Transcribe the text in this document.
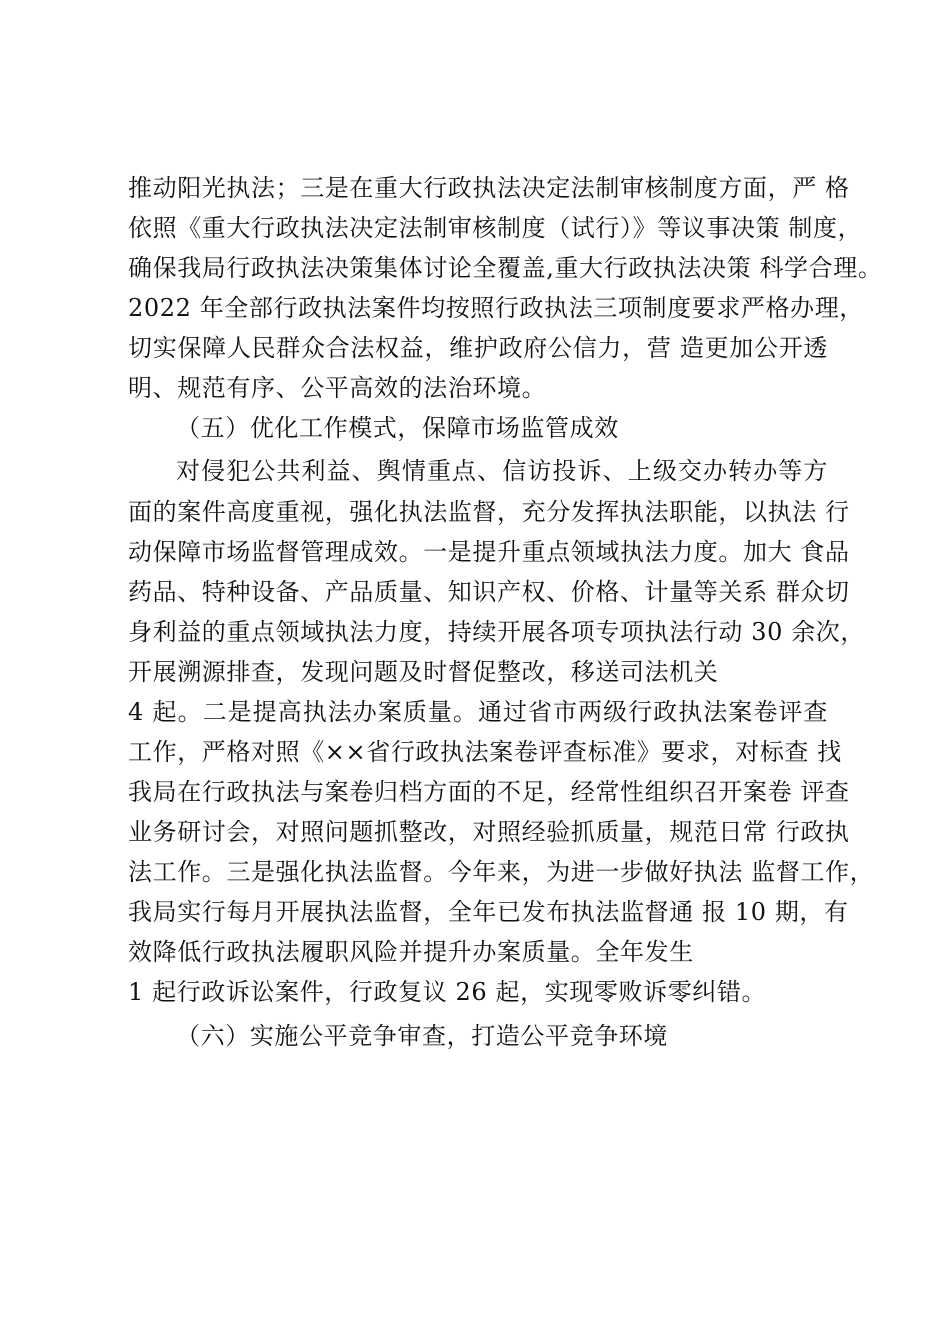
推动阳光执法；三是在重大行政执法决定法制审核制度方面，严 格
依照《重大行政执法决定法制审核制度（试行）》等议事决策 制度，
确保我局行政执法决策集体讨论全覆盖,重大行政执法决策 科学合理。
2022 年全部行政执法案件均按照行政执法三项制度要求严格办理，
切实保障人民群众合法权益，维护政府公信力，营 造更加公开透
明、规范有序、公平高效的法治环境。
（五）优化工作模式，保障市场监管成效
对侵犯公共利益、舆情重点、信访投诉、上级交办转办等方
面的案件高度重视，强化执法监督，充分发挥执法职能，以执法 行
动保障市场监督管理成效。一是提升重点领域执法力度。加大 食品
药品、特种设备、产品质量、知识产权、价格、计量等关系 群众切
身利益的重点领域执法力度，持续开展各项专项执法行动 30 余次，
开展溯源排查，发现问题及时督促整改，移送司法机关
4 起。二是提高执法办案质量。通过省市两级行政执法案卷评查
工作，严格对照《××省行政执法案卷评查标准》要求，对标查 找
我局在行政执法与案卷归档方面的不足，经常性组织召开案卷 评查
业务研讨会，对照问题抓整改，对照经验抓质量，规范日常 行政执
法工作。三是强化执法监督。今年来，为进一步做好执法 监督工作，
我局实行每月开展执法监督，全年已发布执法监督通 报 10 期，有
效降低行政执法履职风险并提升办案质量。全年发生
1 起行政诉讼案件，行政复议 26 起，实现零败诉零纠错。
（六）实施公平竞争审查，打造公平竞争环境
